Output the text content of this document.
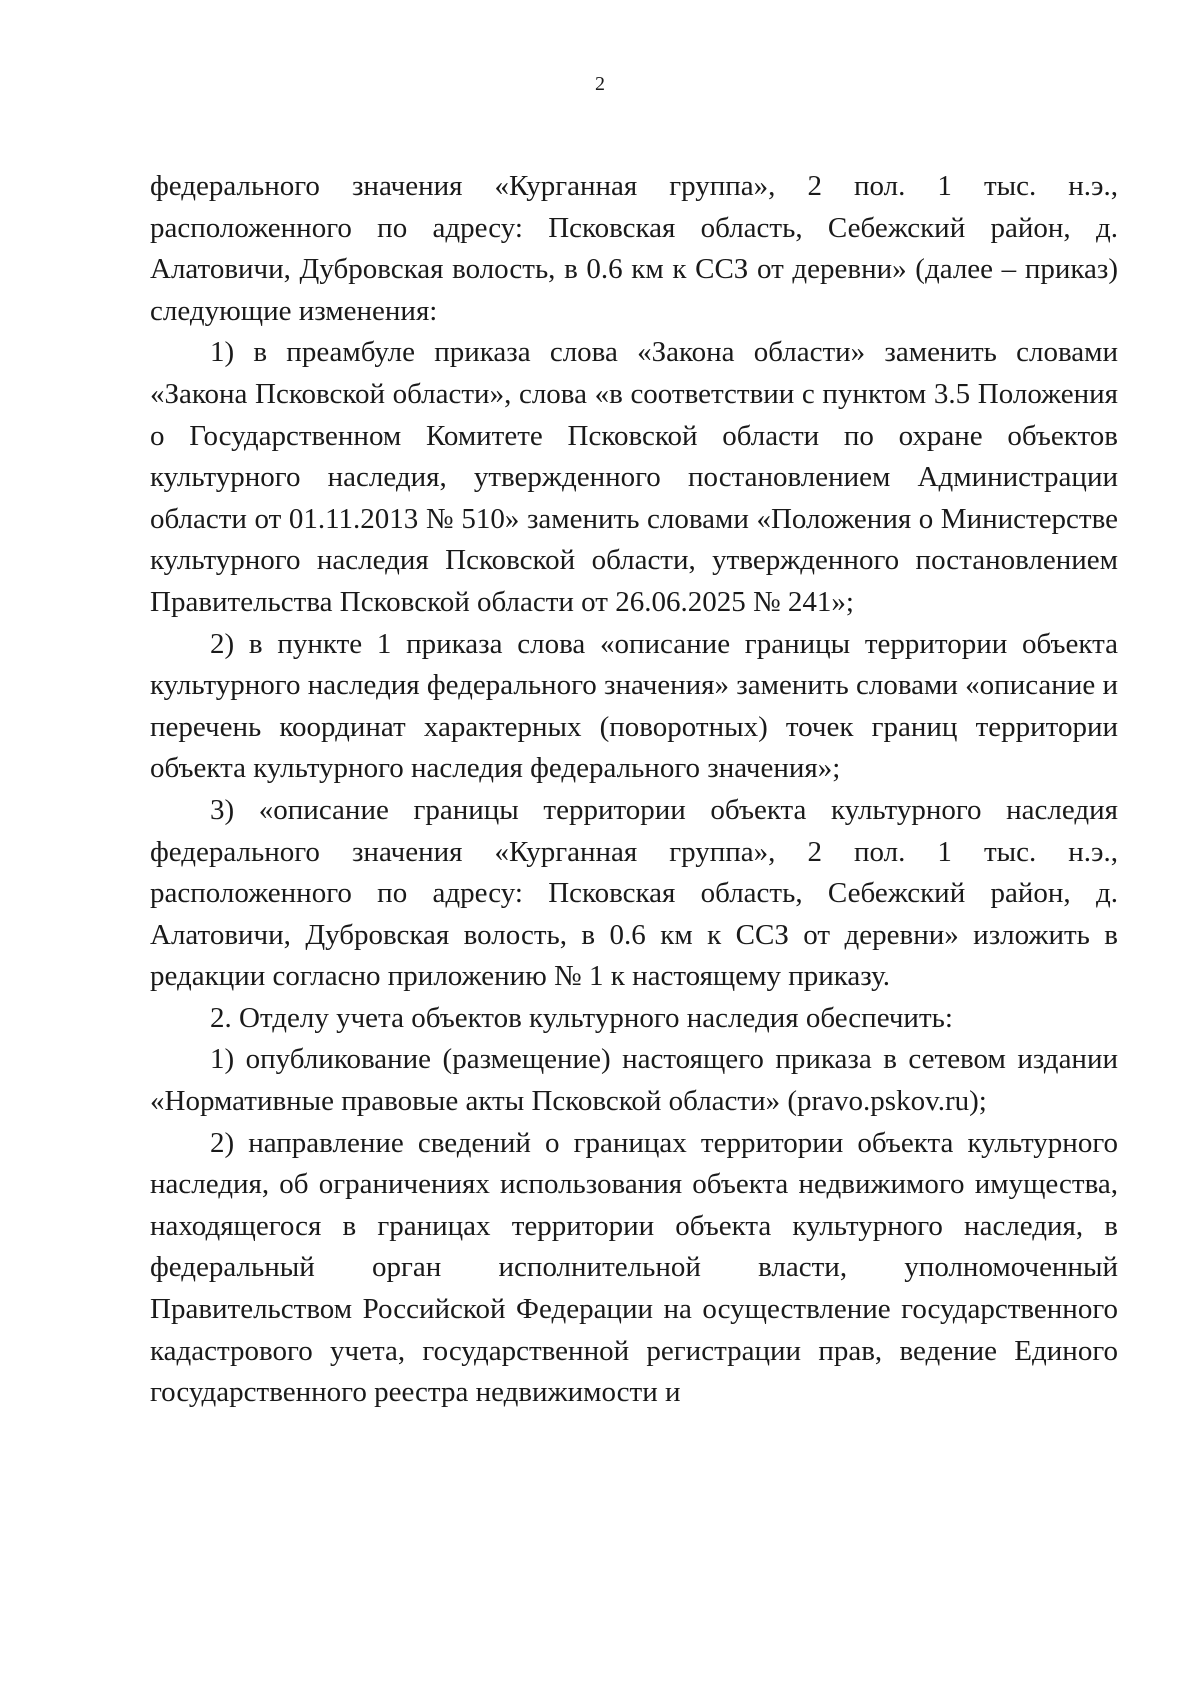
2

федерального значения «Курганная группа», 2 пол. 1 тыс. н.э., расположенного по адресу: Псковская область, Себежский район, д. Алатовичи, Дубровская волость, в 0.6 км к ССЗ от деревни» (далее – приказ) следующие изменения:

1) в преамбуле приказа слова «Закона области» заменить словами «Закона Псковской области», слова «в соответствии с пунктом 3.5 Положения о Государственном Комитете Псковской области по охране объектов культурного наследия, утвержденного постановлением Администрации области от 01.11.2013 № 510» заменить словами «Положения о Министерстве культурного наследия Псковской области, утвержденного постановлением Правительства Псковской области от 26.06.2025 № 241»;

2) в пункте 1 приказа слова «описание границы территории объекта культурного наследия федерального значения» заменить словами «описание и перечень координат характерных (поворотных) точек границ территории объекта культурного наследия федерального значения»;

3) «описание границы территории объекта культурного наследия федерального значения «Курганная группа», 2 пол. 1 тыс. н.э., расположенного по адресу: Псковская область, Себежский район, д. Алатовичи, Дубровская волость, в 0.6 км к ССЗ от деревни» изложить в редакции согласно приложению № 1 к настоящему приказу.

2. Отделу учета объектов культурного наследия обеспечить:

1) опубликование (размещение) настоящего приказа в сетевом издании «Нормативные правовые акты Псковской области» (pravo.pskov.ru);

2) направление сведений о границах территории объекта культурного наследия, об ограничениях использования объекта недвижимого имущества, находящегося в границах территории объекта культурного наследия, в федеральный орган исполнительной власти, уполномоченный Правительством Российской Федерации на осуществление государственного кадастрового учета, государственной регистрации прав, ведение Единого государственного реестра недвижимости и
